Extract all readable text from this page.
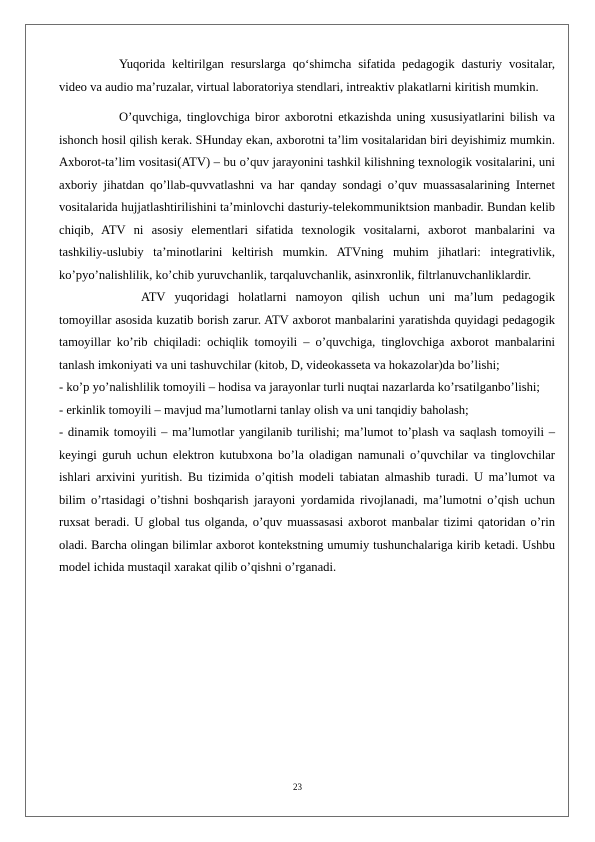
Yuqorida keltirilgan resurslarga qo‘shimcha sifatida pedagogik dasturiy vositalar, video va audio ma’ruzalar, virtual laboratoriya stendlari, intreaktiv plakatlarni kiritish mumkin.

O’quvchiga, tinglovchiga biror axborotni etkazishda uning xususiyatlarini bilish va ishonch hosil qilish kerak. SHunday ekan, axborotni ta’lim vositalaridan biri deyishimiz mumkin. Axborot-ta’lim vositasi(ATV) – bu o’quv jarayonini tashkil kilishning texnologik vositalarini, uni axboriy jihatdan qo’llab-quvvatlashni va har qanday sondagi o’quv muassasalarining Internet vositalarida hujjatlashtirilishini ta’minlovchi dasturiy-telekommuniktsion manbadir. Bundan kelib chiqib, ATV ni asosiy elementlari sifatida texnologik vositalarni, axborot manbalarini va tashkiliy-uslubiy ta’minotlarini keltirish mumkin. ATVning muhim jihatlari: integrativlik, ko’pyo’nalishlilik, ko’chib yuruvchanlik, tarqaluvchanlik, asinxronlik, filtrlanuvchanliklardir.

ATV yuqoridagi holatlarni namoyon qilish uchun uni ma’lum pedagogik tomoyillar asosida kuzatib borish zarur. ATV axborot manbalarini yaratishda quyidagi pedagogik tamoyillar ko’rib chiqiladi: ochiqlik tomoyili – o’quvchiga, tinglovchiga axborot manbalarini tanlash imkoniyati va uni tashuvchilar (kitob, D, videokasseta va hokazolar)da bo’lishi;

- ko’p yo’nalishlilik tomoyili – hodisa va jarayonlar turli nuqtai nazarlarda ko’rsatilganbo’lishi;

- erkinlik tomoyili – mavjud ma’lumotlarni tanlay olish va uni tanqidiy baholash;

- dinamik tomoyili – ma’lumotlar yangilanib turilishi; ma’lumot to’plash va saqlash tomoyili – keyingi guruh uchun elektron kutubxona bo’la oladigan namunali o’quvchilar va tinglovchilar ishlari arxivini yuritish. Bu tizimida o’qitish modeli tabiatan almashib turadi. U ma’lumot va bilim o’rtasidagi o’tishni boshqarish jarayoni yordamida rivojlanadi, ma’lumotni o’qish uchun ruxsat beradi. U global tus olganda, o’quv muassasasi axborot manbalar tizimi qatoridan o’rin oladi. Barcha olingan bilimlar axborot kontekstning umumiy tushunchalariga kirib ketadi. Ushbu model ichida mustaqil xarakat qilib o’qishni o’rganadi.

23
